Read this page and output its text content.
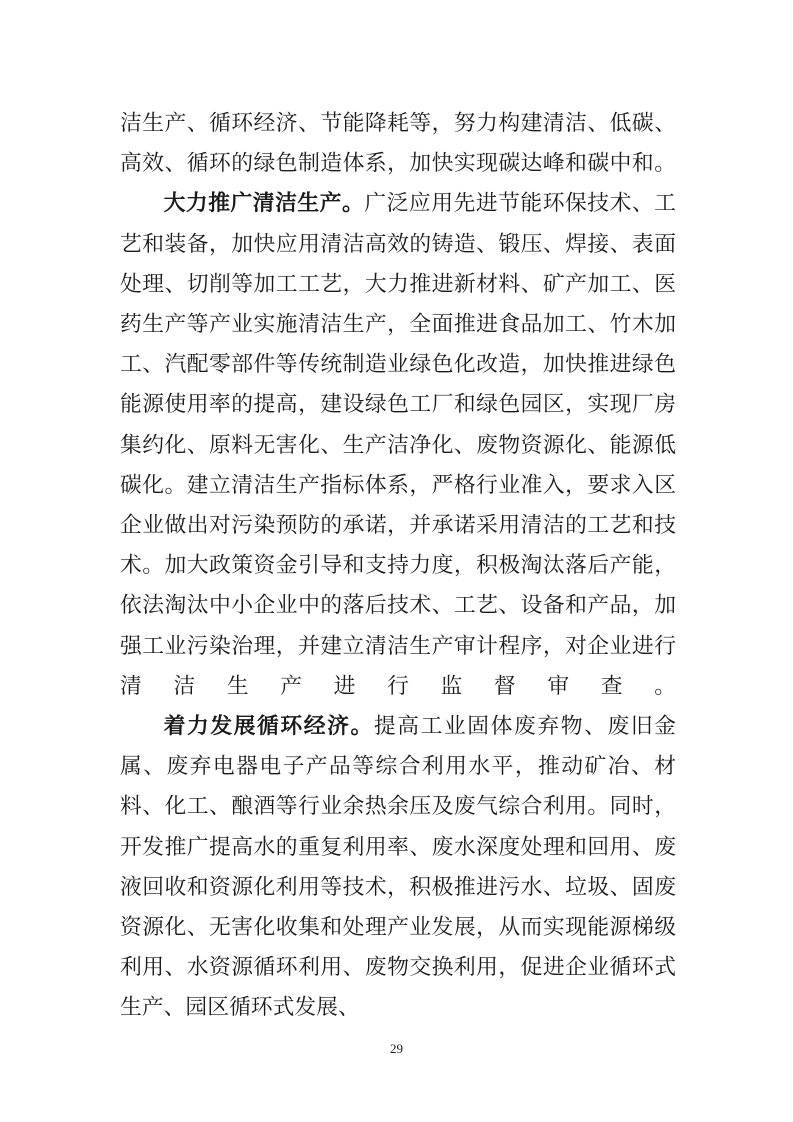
洁生产、循环经济、节能降耗等，努力构建清洁、低碳、高效、循环的绿色制造体系，加快实现碳达峰和碳中和。

大力推广清洁生产。广泛应用先进节能环保技术、工艺和装备，加快应用清洁高效的铸造、锻压、焊接、表面处理、切削等加工工艺，大力推进新材料、矿产加工、医药生产等产业实施清洁生产，全面推进食品加工、竹木加工、汽配零部件等传统制造业绿色化改造，加快推进绿色能源使用率的提高，建设绿色工厂和绿色园区，实现厂房集约化、原料无害化、生产洁净化、废物资源化、能源低碳化。建立清洁生产指标体系，严格行业准入，要求入区企业做出对污染预防的承诺，并承诺采用清洁的工艺和技术。加大政策资金引导和支持力度，积极淘汰落后产能，依法淘汰中小企业中的落后技术、工艺、设备和产品，加强工业污染治理，并建立清洁生产审计程序，对企业进行清洁生产进行监督审查。

着力发展循环经济。提高工业固体废弃物、废旧金属、废弃电器电子产品等综合利用水平，推动矿冶、材料、化工、酿酒等行业余热余压及废气综合利用。同时，开发推广提高水的重复利用率、废水深度处理和回用、废液回收和资源化利用等技术，积极推进污水、垃圾、固废资源化、无害化收集和处理产业发展，从而实现能源梯级利用、水资源循环利用、废物交换利用，促进企业循环式生产、园区循环式发展、

29
